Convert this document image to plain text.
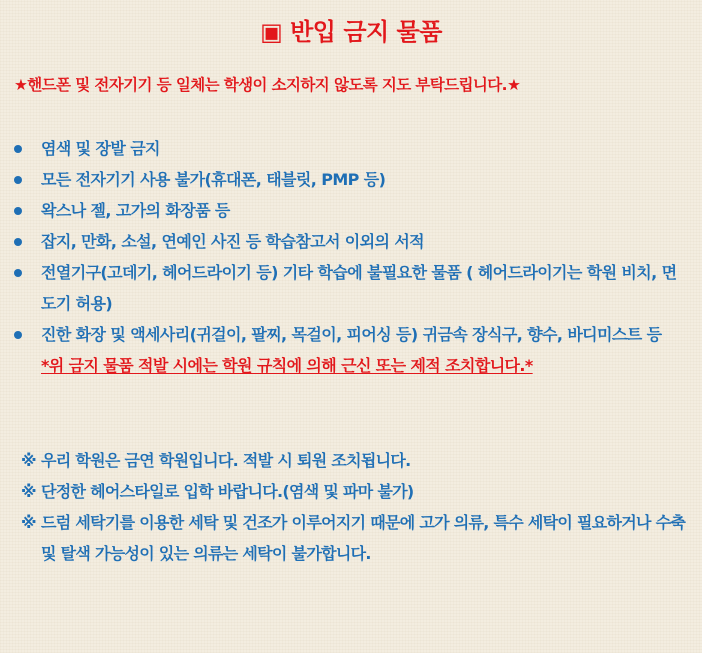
▣ 반입 금지 물품
★핸드폰 및 전자기기 등 일체는 학생이 소지하지 않도록 지도 부탁드립니다.★
염색 및 장발 금지
모든 전자기기 사용 불가(휴대폰, 태블릿, PMP 등)
왁스나 젤, 고가의 화장품 등
잡지, 만화, 소설, 연예인 사진 등 학습참고서 이외의 서적
전열기구(고데기, 헤어드라이기 등) 기타 학습에 불필요한 물품 ( 헤어드라이기는 학원 비치, 면도기 허용)
진한 화장 및 액세사리(귀걸이, 팔찌, 목걸이, 피어싱 등) 귀금속 장식구, 향수, 바디미스트 등
*위 금지 물품 적발 시에는 학원 규칙에 의해 근신 또는 제적 조치합니다.*
※ 우리 학원은 금연 학원입니다. 적발 시 퇴원 조치됩니다.
※ 단정한 헤어스타일로 입학 바랍니다.(염색 및 파마 불가)
※ 드럼 세탁기를 이용한 세탁 및 건조가 이루어지기 때문에 고가 의류, 특수 세탁이 필요하거나 수축 및 탈색 가능성이 있는 의류는 세탁이 불가합니다.
